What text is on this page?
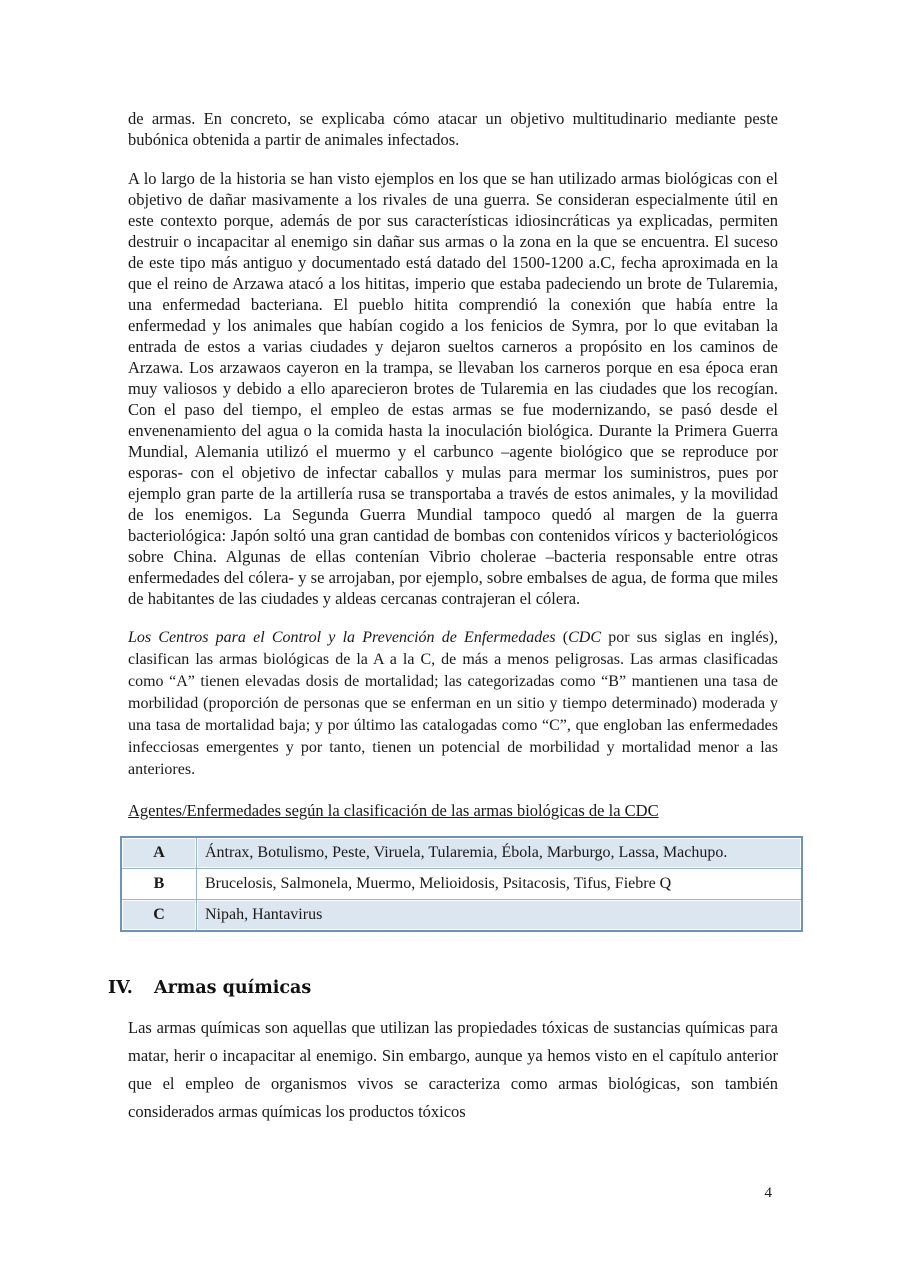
de armas. En concreto, se explicaba cómo atacar un objetivo multitudinario mediante peste bubónica obtenida a partir de animales infectados.

A lo largo de la historia se han visto ejemplos en los que se han utilizado armas biológicas con el objetivo de dañar masivamente a los rivales de una guerra. Se consideran especialmente útil en este contexto porque, además de por sus características idiosincráticas ya explicadas, permiten destruir o incapacitar al enemigo sin dañar sus armas o la zona en la que se encuentra. El suceso de este tipo más antiguo y documentado está datado del 1500-1200 a.C, fecha aproximada en la que el reino de Arzawa atacó a los hititas, imperio que estaba padeciendo un brote de Tularemia, una enfermedad bacteriana. El pueblo hitita comprendió la conexión que había entre la enfermedad y los animales que habían cogido a los fenicios de Symra, por lo que evitaban la entrada de estos a varias ciudades y dejaron sueltos carneros a propósito en los caminos de Arzawa. Los arzawaos cayeron en la trampa, se llevaban los carneros porque en esa época eran muy valiosos y debido a ello aparecieron brotes de Tularemia en las ciudades que los recogían. Con el paso del tiempo, el empleo de estas armas se fue modernizando, se pasó desde el envenenamiento del agua o la comida hasta la inoculación biológica. Durante la Primera Guerra Mundial, Alemania utilizó el muermo y el carbunco –agente biológico que se reproduce por esporas- con el objetivo de infectar caballos y mulas para mermar los suministros, pues por ejemplo gran parte de la artillería rusa se transportaba a través de estos animales, y la movilidad de los enemigos. La Segunda Guerra Mundial tampoco quedó al margen de la guerra bacteriológica: Japón soltó una gran cantidad de bombas con contenidos víricos y bacteriológicos sobre China. Algunas de ellas contenían Vibrio cholerae –bacteria responsable entre otras enfermedades del cólera- y se arrojaban, por ejemplo, sobre embalses de agua, de forma que miles de habitantes de las ciudades y aldeas cercanas contrajeran el cólera.

Los Centros para el Control y la Prevención de Enfermedades (CDC por sus siglas en inglés), clasifican las armas biológicas de la A a la C, de más a menos peligrosas. Las armas clasificadas como “A” tienen elevadas dosis de mortalidad; las categorizadas como “B” mantienen una tasa de morbilidad (proporción de personas que se enferman en un sitio y tiempo determinado) moderada y una tasa de mortalidad baja; y por último las catalogadas como “C”, que engloban las enfermedades infecciosas emergentes y por tanto, tienen un potencial de morbilidad y mortalidad menor a las anteriores.

Agentes/Enfermedades según la clasificación de las armas biológicas de la CDC

A	Ántrax, Botulismo, Peste, Viruela, Tularemia, Ébola, Marburgo, Lassa, Machupo.
B	Brucelosis, Salmonela, Muermo, Melioidosis, Psitacosis, Tifus, Fiebre Q
C	Nipah, Hantavirus
IV.	Armas químicas

Las armas químicas son aquellas que utilizan las propiedades tóxicas de sustancias químicas para matar, herir o incapacitar al enemigo. Sin embargo, aunque ya hemos visto en el capítulo anterior que el empleo de organismos vivos se caracteriza como armas biológicas, son también considerados armas químicas los productos tóxicos

4
